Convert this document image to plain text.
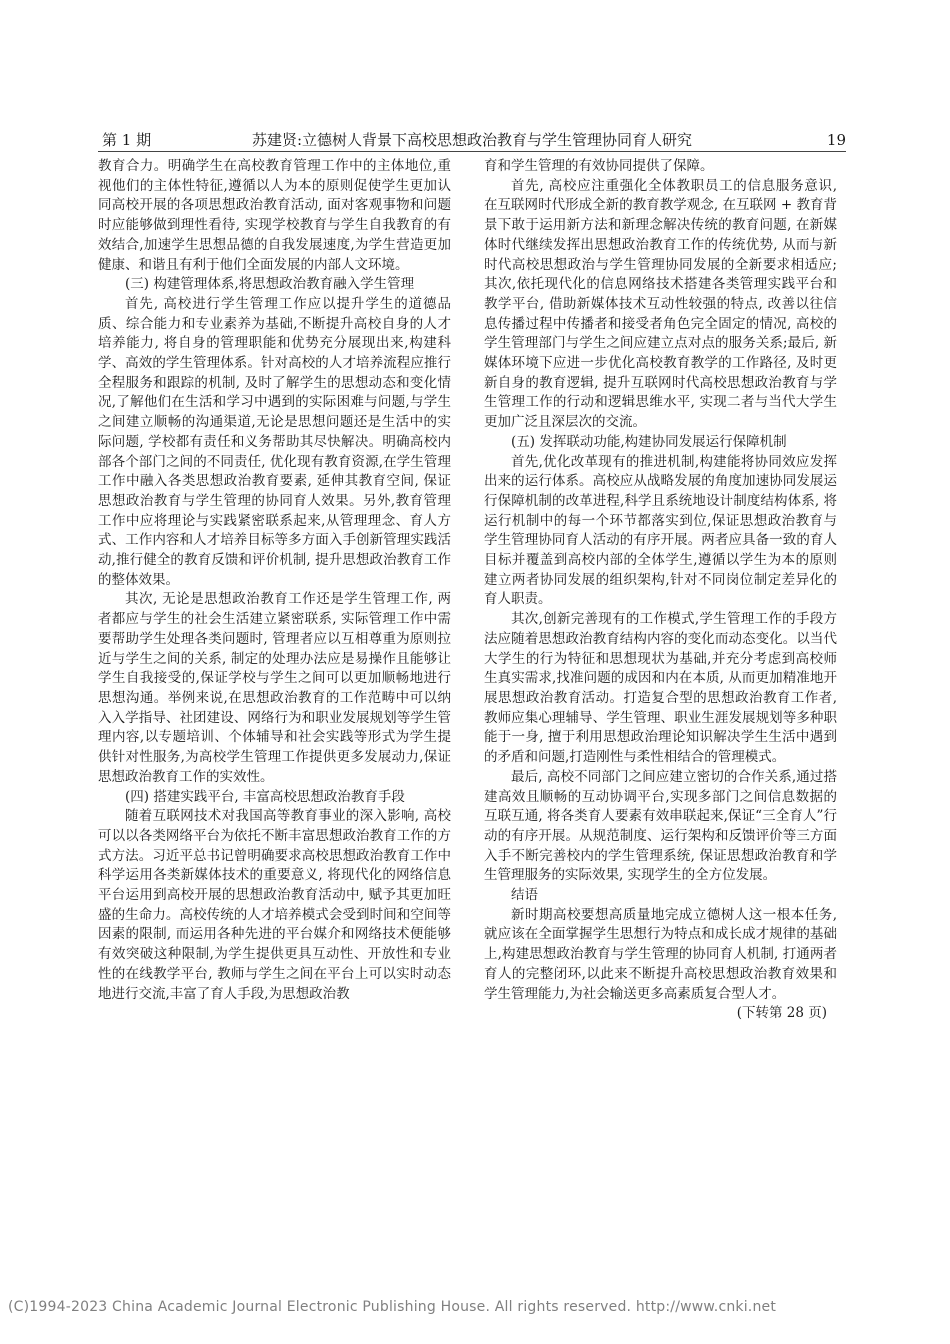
第 1 期	苏建贤:立德树人背景下高校思想政治教育与学生管理协同育人研究	19

教育合力。明确学生在高校教育管理工作中的主体地位,重视他们的主体性特征,遵循以人为本的原则促使学生更加认同高校开展的各项思想政治教育活动, 面对客观事物和问题时应能够做到理性看待, 实现学校教育与学生自我教育的有效结合,加速学生思想品德的自我发展速度,为学生营造更加健康、和谐且有利于他们全面发展的内部人文环境。

(三) 构建管理体系,将思想政治教育融入学生管理

首先, 高校进行学生管理工作应以提升学生的道德品质、综合能力和专业素养为基础,不断提升高校自身的人才培养能力, 将自身的管理职能和优势充分展现出来,构建科学、高效的学生管理体系。针对高校的人才培养流程应推行全程服务和跟踪的机制, 及时了解学生的思想动态和变化情况,了解他们在生活和学习中遇到的实际困难与问题,与学生之间建立顺畅的沟通渠道,无论是思想问题还是生活中的实际问题, 学校都有责任和义务帮助其尽快解决。明确高校内部各个部门之间的不同责任, 优化现有教育资源,在学生管理工作中融入各类思想政治教育要素, 延伸其教育空间, 保证思想政治教育与学生管理的协同育人效果。另外,教育管理工作中应将理论与实践紧密联系起来,从管理理念、育人方式、工作内容和人才培养目标等多方面入手创新管理实践活动,推行健全的教育反馈和评价机制, 提升思想政治教育工作的整体效果。

其次, 无论是思想政治教育工作还是学生管理工作, 两者都应与学生的社会生活建立紧密联系, 实际管理工作中需要帮助学生处理各类问题时, 管理者应以互相尊重为原则拉近与学生之间的关系, 制定的处理办法应是易操作且能够让学生自我接受的,保证学校与学生之间可以更加顺畅地进行思想沟通。举例来说,在思想政治教育的工作范畴中可以纳入入学指导、社团建设、网络行为和职业发展规划等学生管理内容,以专题培训、个体辅导和社会实践等形式为学生提供针对性服务,为高校学生管理工作提供更多发展动力,保证思想政治教育工作的实效性。

(四) 搭建实践平台, 丰富高校思想政治教育手段

随着互联网技术对我国高等教育事业的深入影响, 高校可以以各类网络平台为依托不断丰富思想政治教育工作的方式方法。习近平总书记曾明确要求高校思想政治教育工作中科学运用各类新媒体技术的重要意义, 将现代化的网络信息平台运用到高校开展的思想政治教育活动中, 赋予其更加旺盛的生命力。高校传统的人才培养模式会受到时间和空间等因素的限制, 而运用各种先进的平台媒介和网络技术便能够有效突破这种限制,为学生提供更具互动性、开放性和专业性的在线教学平台, 教师与学生之间在平台上可以实时动态地进行交流,丰富了育人手段,为思想政治教

育和学生管理的有效协同提供了保障。

首先, 高校应注重强化全体教职员工的信息服务意识, 在互联网时代形成全新的教育教学观念, 在互联网 + 教育背景下敢于运用新方法和新理念解决传统的教育问题, 在新媒体时代继续发挥出思想政治教育工作的传统优势, 从而与新时代高校思想政治与学生管理协同发展的全新要求相适应;其次,依托现代化的信息网络技术搭建各类管理实践平台和教学平台, 借助新媒体技术互动性较强的特点, 改善以往信息传播过程中传播者和接受者角色完全固定的情况, 高校的学生管理部门与学生之间应建立点对点的服务关系;最后, 新媒体环境下应进一步优化高校教育教学的工作路径, 及时更新自身的教育逻辑, 提升互联网时代高校思想政治教育与学生管理工作的行动和逻辑思维水平, 实现二者与当代大学生更加广泛且深层次的交流。

(五) 发挥联动功能,构建协同发展运行保障机制

首先,优化改革现有的推进机制,构建能将协同效应发挥出来的运行体系。高校应从战略发展的角度加速协同发展运行保障机制的改革进程,科学且系统地设计制度结构体系, 将运行机制中的每一个环节都落实到位,保证思想政治教育与学生管理协同育人活动的有序开展。两者应具备一致的育人目标并覆盖到高校内部的全体学生,遵循以学生为本的原则建立两者协同发展的组织架构,针对不同岗位制定差异化的育人职责。

其次,创新完善现有的工作模式,学生管理工作的手段方法应随着思想政治教育结构内容的变化而动态变化。以当代大学生的行为特征和思想现状为基础,并充分考虑到高校师生真实需求,找准问题的成因和内在本质, 从而更加精准地开展思想政治教育活动。打造复合型的思想政治教育工作者,教师应集心理辅导、学生管理、职业生涯发展规划等多种职能于一身, 擅于利用思想政治理论知识解决学生生活中遇到的矛盾和问题,打造刚性与柔性相结合的管理模式。

最后, 高校不同部门之间应建立密切的合作关系,通过搭建高效且顺畅的互动协调平台,实现多部门之间信息数据的互联互通, 将各类育人要素有效串联起来,保证“三全育人”行动的有序开展。从规范制度、运行架构和反馈评价等三方面入手不断完善校内的学生管理系统, 保证思想政治教育和学生管理服务的实际效果, 实现学生的全方位发展。

结语

新时期高校要想高质量地完成立德树人这一根本任务,就应该在全面掌握学生思想行为特点和成长成才规律的基础上,构建思想政治教育与学生管理的协同育人机制, 打通两者育人的完整闭环,以此来不断提升高校思想政治教育效果和学生管理能力,为社会输送更多高素质复合型人才。

(下转第 28 页)

(C)1994-2023 China Academic Journal Electronic Publishing House. All rights reserved. http://www.cnki.net
